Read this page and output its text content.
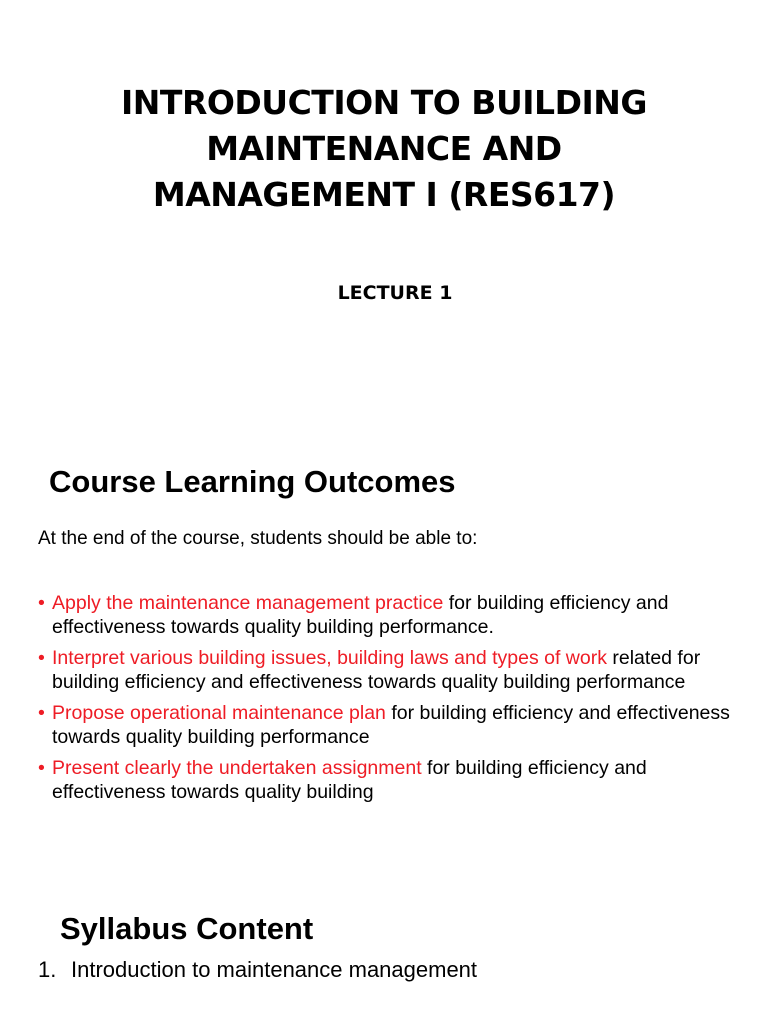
INTRODUCTION TO BUILDING
MAINTENANCE AND
MANAGEMENT I (RES617)
LECTURE 1
Course Learning Outcomes
At the end of the course, students should be able to:
• Apply the maintenance management practice for building efficiency and effectiveness towards quality building performance.
• Interpret various building issues, building laws and types of work related for building efficiency and effectiveness towards quality building performance
• Propose operational maintenance plan for building efficiency and effectiveness towards quality building performance
• Present clearly the undertaken assignment for building efficiency and effectiveness towards quality building
Syllabus Content
1. Introduction to maintenance management
